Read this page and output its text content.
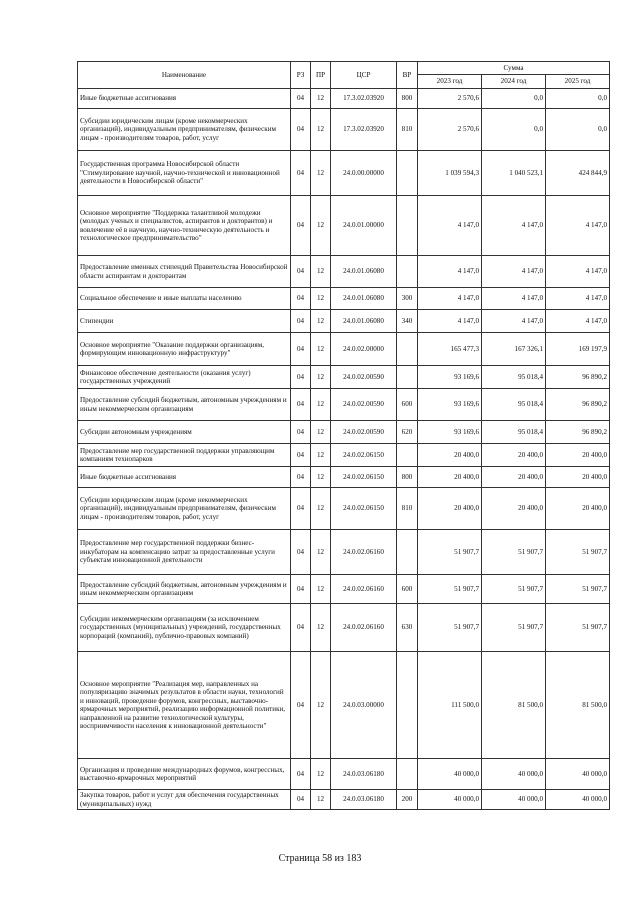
Наименование	РЗ	ПР	ЦСР	ВР	Сумма		
					2023 год	2024 год	2025 год
Иные бюджетные ассигнования	04	12	17.3.02.03920	800	2 570,6	0,0	0,0
Субсидии юридическим лицам (кроме некоммерческих организаций), индивидуальным предпринимателям, физическим лицам - производителям товаров, работ, услуг	04	12	17.3.02.03920	810	2 570,6	0,0	0,0
Государственная программа Новосибирской области "Стимулирование научной, научно-технической и инновационной деятельности в Новосибирской области"	04	12	24.0.00.00000		1 039 594,3	1 040 523,1	424 844,9
Основное мероприятие "Поддержка талантливой молодежи (молодых ученых и специалистов, аспирантов и докторантов) и вовлечение её в научную, научно-техническую деятельность и технологическое предпринимательство"	04	12	24.0.01.00000		4 147,0	4 147,0	4 147,0
Предоставление именных стипендий Правительства Новосибирской области аспирантам и докторантам	04	12	24.0.01.06080		4 147,0	4 147,0	4 147,0
Социальное обеспечение и иные выплаты населению	04	12	24.0.01.06080	300	4 147,0	4 147,0	4 147,0
Стипендии	04	12	24.0.01.06080	340	4 147,0	4 147,0	4 147,0
Основное мероприятие "Оказание поддержки организациям, формирующим инновационную инфраструктуру"	04	12	24.0.02.00000		165 477,3	167 326,1	169 197,9
Финансовое обеспечение деятельности (оказания услуг) государственных учреждений	04	12	24.0.02.00590		93 169,6	95 018,4	96 890,2
Предоставление субсидий бюджетным, автономным учреждениям и иным некоммерческим организациям	04	12	24.0.02.00590	600	93 169,6	95 018,4	96 890,2
Субсидии автономным учреждениям	04	12	24.0.02.00590	620	93 169,6	95 018,4	96 890,2
Предоставление мер государственной поддержки управляющим компаниям технопарков	04	12	24.0.02.06150		20 400,0	20 400,0	20 400,0
Иные бюджетные ассигнования	04	12	24.0.02.06150	800	20 400,0	20 400,0	20 400,0
Субсидии юридическим лицам (кроме некоммерческих организаций), индивидуальным предпринимателям, физическим лицам - производителям товаров, работ, услуг	04	12	24.0.02.06150	810	20 400,0	20 400,0	20 400,0
Предоставление мер государственной поддержки бизнес-инкубаторам на компенсацию затрат за предоставленные услуги субъектам инновационной деятельности	04	12	24.0.02.06160		51 907,7	51 907,7	51 907,7
Предоставление субсидий бюджетным, автономным учреждениям и иным некоммерческим организациям	04	12	24.0.02.06160	600	51 907,7	51 907,7	51 907,7
Субсидии некоммерческим организациям (за исключением государственных (муниципальных) учреждений, государственных корпораций (компаний), публично-правовых компаний)	04	12	24.0.02.06160	630	51 907,7	51 907,7	51 907,7
Основное мероприятие "Реализация мер, направленных на популяризацию значимых результатов в области науки, технологий и инноваций, проведение форумов, конгрессных, выставочно-ярмарочных мероприятий, реализацию информационной политики, направленной на развитие технологической культуры, восприимчивости населения к инновационной деятельности"	04	12	24.0.03.00000		111 500,0	81 500,0	81 500,0
Организация и проведение международных форумов, конгрессных, выставочно-ярмарочных мероприятий	04	12	24.0.03.06180		40 000,0	40 000,0	40 000,0
Закупка товаров, работ и услуг для обеспечения государственных (муниципальных) нужд	04	12	24.0.03.06180	200	40 000,0	40 000,0	40 000,0
Страница 58 из 183
